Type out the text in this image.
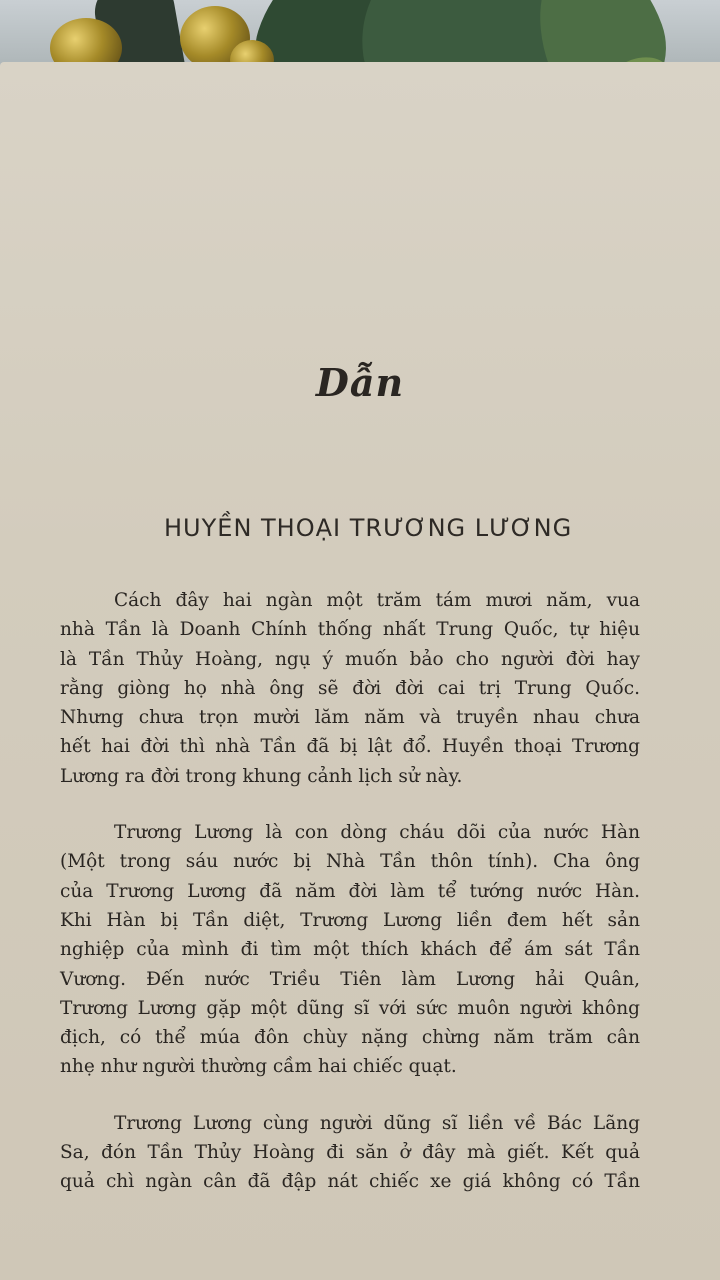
Dẫn
HUYỀN THOẠI TRƯƠNG LƯƠNG

Cách đây hai ngàn một trăm tám mươi năm, vua
nhà Tần là Doanh Chính thống nhất Trung Quốc, tự hiệu
là Tần Thủy Hoàng, ngụ ý muốn bảo cho người đời hay
rằng giòng họ nhà ông sẽ đời đời cai trị Trung Quốc.
Nhưng chưa trọn mười lăm năm và truyền nhau chưa
hết hai đời thì nhà Tần đã bị lật đổ. Huyền thoại Trương
Lương ra đời trong khung cảnh lịch sử này.

Trương Lương là con dòng cháu dõi của nước Hàn
(Một trong sáu nước bị Nhà Tần thôn tính). Cha ông
của Trương Lương đã năm đời làm tể tướng nước Hàn.
Khi Hàn bị Tần diệt, Trương Lương liền đem hết sản
nghiệp của mình đi tìm một thích khách để ám sát Tần
Vương. Đến nước Triều Tiên làm Lương hải Quân,
Trương Lương gặp một dũng sĩ với sức muôn người không
địch, có thể múa đôn chùy nặng chừng năm trăm cân
nhẹ như người thường cầm hai chiếc quạt.

Trương Lương cùng người dũng sĩ liền về Bác Lãng
Sa, đón Tần Thủy Hoàng đi săn ở đây mà giết. Kết quả
quả chì ngàn cân đã đập nát chiếc xe giá không có Tần
